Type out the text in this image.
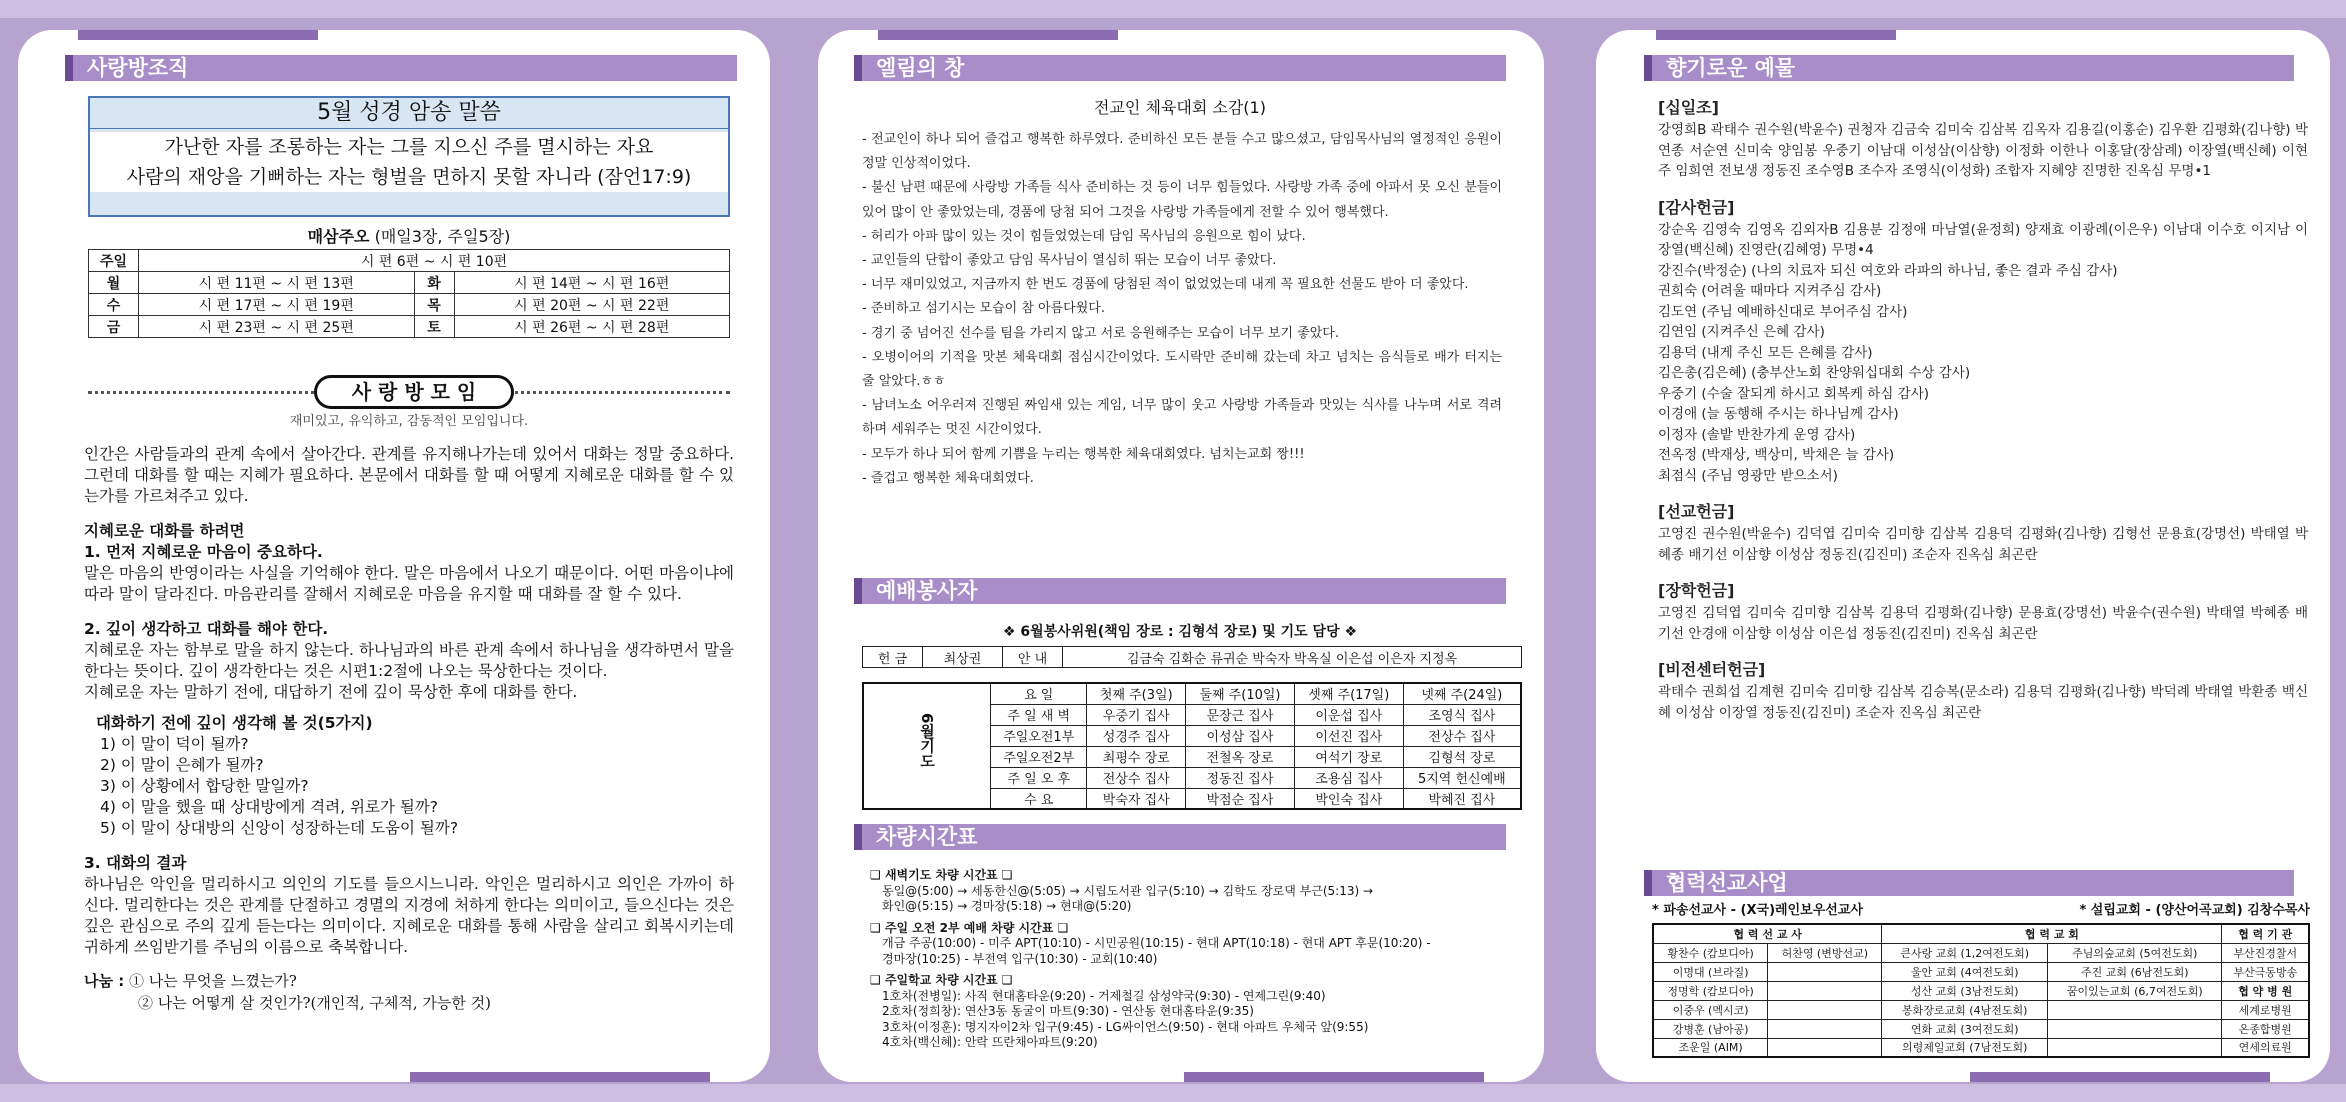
사랑방조직
5월 성경 암송 말씀
가난한 자를 조롱하는 자는 그를 지으신 주를 멸시하는 자요
사람의 재앙을 기뻐하는 자는 형벌을 면하지 못할 자니라 (잠언17:9)
매삼주오 (매일3장, 주일5장)
주일	시 편 6편 ~ 시 편 10편		
월	시 편 11편 ~ 시 편 13편	화	시 편 14편 ~ 시 편 16편
수	시 편 17편 ~ 시 편 19편	목	시 편 20편 ~ 시 편 22편
금	시 편 23편 ~ 시 편 25편	토	시 편 26편 ~ 시 편 28편
사 랑 방 모 임
재미있고, 유익하고, 감동적인 모임입니다.

인간은 사람들과의 관계 속에서 살아간다. 관계를 유지해나가는데 있어서 대화는 정말 중요하다. 그런데 대화를 할 때는 지혜가 필요하다. 본문에서 대화를 할 때 어떻게 지혜로운 대화를 할 수 있는가를 가르쳐주고 있다.

지혜로운 대화를 하려면

1. 먼저 지혜로운 마음이 중요하다.

말은 마음의 반영이라는 사실을 기억해야 한다. 말은 마음에서 나오기 때문이다. 어떤 마음이냐에 따라 말이 달라진다. 마음관리를 잘해서 지혜로운 마음을 유지할 때 대화를 잘 할 수 있다.

2. 깊이 생각하고 대화를 해야 한다.

지혜로운 자는 함부로 말을 하지 않는다. 하나님과의 바른 관계 속에서 하나님을 생각하면서 말을 한다는 뜻이다. 깊이 생각한다는 것은 시편1:2절에 나오는 묵상한다는 것이다.

지혜로운 자는 말하기 전에, 대답하기 전에 깊이 묵상한 후에 대화를 한다.

대화하기 전에 깊이 생각해 볼 것(5가지)

1) 이 말이 덕이 될까?

2) 이 말이 은혜가 될까?

3) 이 상황에서 합당한 말일까?

4) 이 말을 했을 때 상대방에게 격려, 위로가 될까?

5) 이 말이 상대방의 신앙이 성장하는데 도움이 될까?

3. 대화의 결과

하나님은 악인을 멀리하시고 의인의 기도를 들으시느니라. 악인은 멀리하시고 의인은 가까이 하신다. 멀리한다는 것은 관계를 단절하고 경멸의 지경에 처하게 한다는 의미이고, 들으신다는 것은 깊은 관심으로 주의 깊게 듣는다는 의미이다. 지혜로운 대화를 통해 사람을 살리고 회복시키는데 귀하게 쓰임받기를 주님의 이름으로 축복합니다.

나눔 : ① 나는 무엇을 느꼈는가?
② 나는 어떻게 살 것인가?(개인적, 구체적, 가능한 것)
엘림의 창
전교인 체육대회 소감(1)
- 전교인이 하나 되어 즐겁고 행복한 하루였다. 준비하신 모든 분들 수고 많으셨고, 담임목사님의 열정적인 응원이 정말 인상적이었다.
- 불신 남편 때문에 사랑방 가족들 식사 준비하는 것 등이 너무 힘들었다. 사랑방 가족 중에 아파서 못 오신 분들이 있어 많이 안 좋았었는데, 경품에 당첨 되어 그것을 사랑방 가족들에게 전할 수 있어 행복했다.
- 허리가 아파 많이 있는 것이 힘들었었는데 담임 목사님의 응원으로 힘이 났다.
- 교인들의 단합이 좋았고 담임 목사님이 열심히 뛰는 모습이 너무 좋았다.
- 너무 재미있었고, 지금까지 한 번도 경품에 당첨된 적이 없었었는데 내게 꼭 필요한 선물도 받아 더 좋았다.
- 준비하고 섬기시는 모습이 참 아름다웠다.
- 경기 중 넘어진 선수를 팀을 가리지 않고 서로 응원해주는 모습이 너무 보기 좋았다.
- 오병이어의 기적을 맛본 체육대회 점심시간이었다. 도시락만 준비해 갔는데 차고 넘치는 음식들로 배가 터지는 줄 알았다.ㅎㅎ
- 남녀노소 어우러져 진행된 짜임새 있는 게임, 너무 많이 웃고 사랑방 가족들과 맛있는 식사를 나누며 서로 격려하며 세워주는 멋진 시간이었다.
- 모두가 하나 되어 함께 기쁨을 누리는 행복한 체육대회였다. 넘치는교회 짱!!!
- 즐겁고 행복한 체육대회였다.
예배봉사자
❖ 6월봉사위원(책임 장로 : 김형석 장로) 및 기도 담당 ❖
헌 금	최상권	안 내	김금숙 김화순 류귀순 박숙자 박옥실 이은섭 이은자 지정옥
6월기도	요 일	첫째 주(3일)	둘째 주(10일)	셋째 주(17일)	넷째 주(24일)
	주 일 새 벽	우중기 집사	문장근 집사	이운섭 집사	조영식 집사
	주일오전1부	성경주 집사	이성삼 집사	이선진 집사	전상수 집사
	주일오전2부	최평수 장로	전철옥 장로	여석기 장로	김형석 장로
	주 일 오 후	전상수 집사	정동진 집사	조용심 집사	5지역 헌신예배
	수 요	박숙자 집사	박점순 집사	박인숙 집사	박혜진 집사
차량시간표
❑ 새벽기도 차량 시간표 ❑
동일@(5:00) → 세동한신@(5:05) → 시립도서관 입구(5:10) → 김학도 장로댁 부근(5:13) →
화인@(5:15) → 경마장(5:18) → 현대@(5:20)
❑ 주일 오전 2부 예배 차량 시간표 ❑
개금 주공(10:00) - 미주 APT(10:10) - 시민공원(10:15) - 현대 APT(10:18) - 현대 APT 후문(10:20) -
경마장(10:25) - 부전역 입구(10:30) - 교회(10:40)
❑ 주일학교 차량 시간표 ❑
1호차(전병일): 사직 현대홈타운(9:20) - 거제철길 삼성약국(9:30) - 연제그린(9:40)
2호차(정희창): 연산3동 동굴이 마트(9:30) - 연산동 현대홈타운(9:35)
3호차(이정훈): 명지자이2차 입구(9:45) - LG싸이언스(9:50) - 현대 아파트 우체국 앞(9:55)
4호차(백신혜): 안락 뜨란채아파트(9:20)
향기로운 예물
[십일조]
강영희B 곽태수 권수원(박윤수) 권청자 김금숙 김미숙 김삼복 김옥자 김용길(이홍순) 김우환 김평화(김나향) 박연종 서순연 신미숙 양임봉 우중기 이남대 이성삼(이삼향) 이정화 이한나 이홍달(장삼례) 이장열(백신혜) 이현주 임희연 전보생 정동진 조수영B 조수자 조영식(이성화) 조합자 지혜양 진명한 진옥심 무명•1
[감사헌금]
강순옥 김영숙 김영옥 김외자B 김용분 김정애 마남열(윤정희) 양재효 이광례(이은우) 이남대 이수호 이지남 이장열(백신혜) 진영란(김혜영) 무명•4
강진수(박정순) (나의 치료자 되신 여호와 라파의 하나님, 좋은 결과 주심 감사)
권희숙 (어려울 때마다 지켜주심 감사)
김도연 (주님 예배하신대로 부어주심 감사)
김연임 (지켜주신 은혜 감사)
김용덕 (내게 주신 모든 은혜를 감사)
김은총(김은혜) (충부산노회 찬양워십대회 수상 감사)
우중기 (수술 잘되게 하시고 회복케 하심 감사)
이경애 (늘 동행해 주시는 하나님께 감사)
이정자 (솔밭 반찬가게 운영 감사)
전옥정 (박재상, 백상미, 박채은 늘 감사)
최점식 (주님 영광만 받으소서)
[선교헌금]
고영진 권수원(박윤수) 김덕엽 김미숙 김미향 김삼복 김용덕 김평화(김나향) 김형선 문용효(강명선) 박태열 박혜종 배기선 이삼향 이성삼 정동진(김진미) 조순자 진옥심 최곤란
[장학헌금]
고영진 김덕엽 김미숙 김미향 김삼복 김용덕 김평화(김나향) 문용효(강명선) 박윤수(권수원) 박태열 박혜종 배기선 안경애 이삼향 이성삼 이은섭 정동진(김진미) 진옥심 최곤란
[비전센터헌금]
곽태수 권희섭 김계현 김미숙 김미향 김삼복 김승복(문소라) 김용덕 김평화(김나향) 박덕례 박태열 박환종 백신혜 이성삼 이장열 정동진(김진미) 조순자 진옥심 최곤란
협력선교사업
* 파송선교사 - (X국)레인보우선교사	* 설립교회 - (양산어곡교회) 김창수목사
협 력 선 교 사		협 력 교 회		협 력 기 관
황찬수 (캄보디아)	허찬영 (변방선교)	큰사랑 교회 (1,2여전도회)	주님의숲교회 (5여전도회)	부산진경찰서
이명대 (브라질)		울안 교회 (4여전도회)	주진 교회 (6남전도회)	부산극동방송
정명학 (캄보디아)		성산 교회 (3남전도회)	꿈이있는교회 (6,7여전도회)	협 약 병 원
이중우 (멕시코)		봉화장로교회 (4남전도회)		세계로병원
강병훈 (남아공)		연화 교회 (3여전도회)		온종합병원
조운일 (AIM)		의령제일교회 (7남전도회)		연세의료원
